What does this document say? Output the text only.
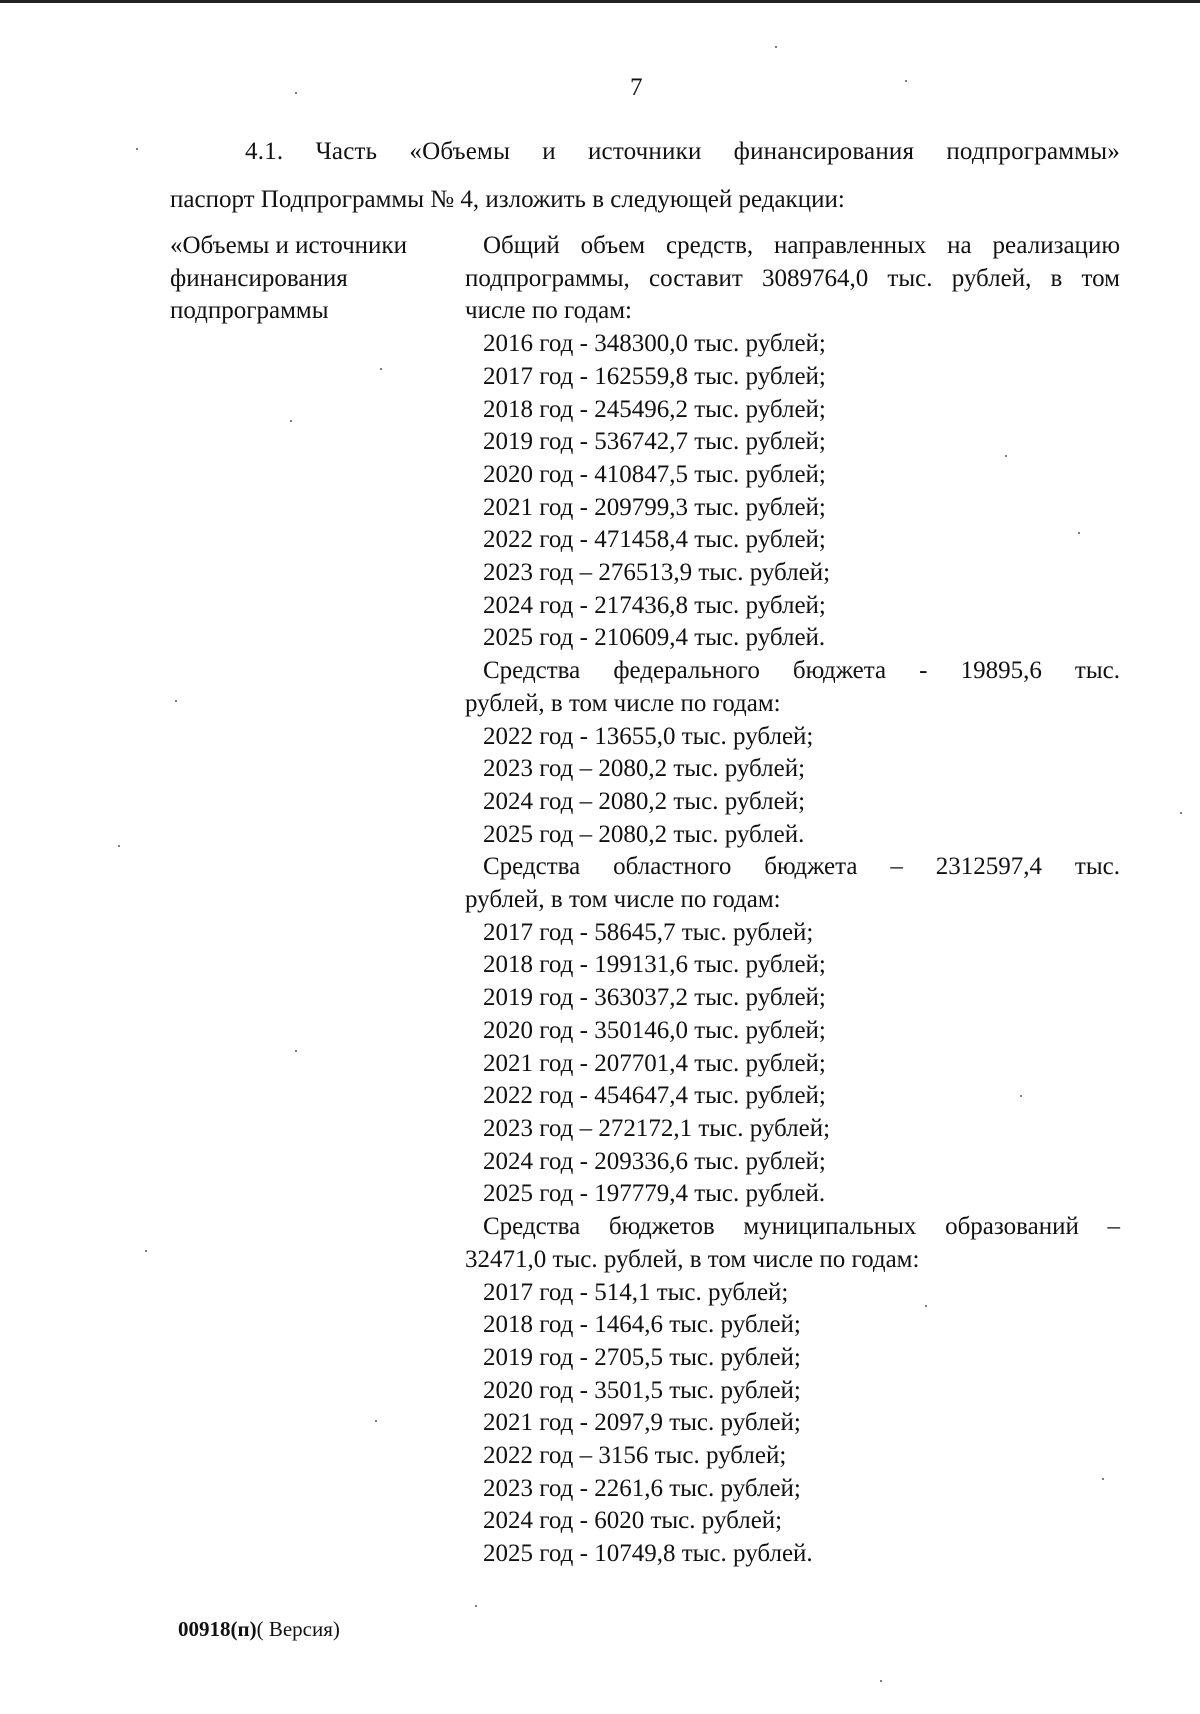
7
4.1. Часть «Объемы и источники финансирования подпрограммы»
паспорт Подпрограммы № 4, изложить в следующей редакции:
«Объемы и источники
финансирования
подпрограммы
Общий объем средств, направленных на реализацию
подпрограммы, составит 3089764,0 тыс. рублей, в том
числе по годам:
2016 год - 348300,0 тыс. рублей;
2017 год - 162559,8 тыс. рублей;
2018 год - 245496,2 тыс. рублей;
2019 год - 536742,7 тыс. рублей;
2020 год - 410847,5 тыс. рублей;
2021 год - 209799,3 тыс. рублей;
2022 год - 471458,4 тыс. рублей;
2023 год – 276513,9 тыс. рублей;
2024 год - 217436,8 тыс. рублей;
2025 год - 210609,4 тыс. рублей.
Средства федерального бюджета - 19895,6 тыс.
рублей, в том числе по годам:
2022 год - 13655,0 тыс. рублей;
2023 год – 2080,2 тыс. рублей;
2024 год – 2080,2 тыс. рублей;
2025 год – 2080,2 тыс. рублей.
Средства областного бюджета – 2312597,4 тыс.
рублей, в том числе по годам:
2017 год - 58645,7 тыс. рублей;
2018 год - 199131,6 тыс. рублей;
2019 год - 363037,2 тыс. рублей;
2020 год - 350146,0 тыс. рублей;
2021 год - 207701,4 тыс. рублей;
2022 год - 454647,4 тыс. рублей;
2023 год – 272172,1 тыс. рублей;
2024 год - 209336,6 тыс. рублей;
2025 год - 197779,4 тыс. рублей.
Средства бюджетов муниципальных образований –
32471,0 тыс. рублей, в том числе по годам:
2017 год - 514,1 тыс. рублей;
2018 год - 1464,6 тыс. рублей;
2019 год - 2705,5 тыс. рублей;
2020 год - 3501,5 тыс. рублей;
2021 год - 2097,9 тыс. рублей;
2022 год – 3156 тыс. рублей;
2023 год - 2261,6 тыс. рублей;
2024 год - 6020 тыс. рублей;
2025 год - 10749,8 тыс. рублей.
00918(п)( Версия)
